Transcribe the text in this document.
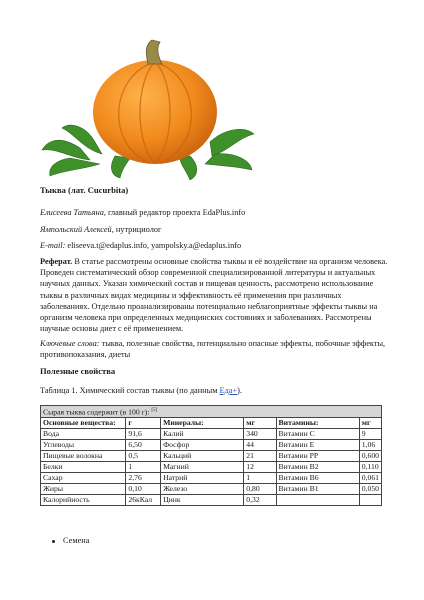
Тыква (лат. Cucurbita)
Елисеева Татьяна, главный редактор проекта EdaPlus.info
Ямпольский Алексей, нутрициолог
E-mail: eliseeva.t@edaplus.info, yampolsky.a@edaplus.info
Реферат. В статье рассмотрены основные свойства тыквы и её воздействие на организм человека. Проведен систематический обзор современной специализированной литературы и актуальных научных данных. Указан химический состав и пищевая ценность, рассмотрено использование тыквы в различных видах медицины и эффективность её применения при различных заболеваниях. Отдельно проанализированы потенциально неблагоприятные эффекты тыквы на организм человека при определенных медицинских состояниях и заболеваниях. Рассмотрены научные основы диет с её применением.
Ключевые слова: тыква, полезные свойства, потенциально опасные эффекты, побочные эффекты, противопоказания, диеты
Полезные свойства
Таблица 1. Химический состав тыквы (по данным Еда+).
Сырая тыква содержит (в 100 г): [5]
Основные вещества:	г	Минералы:	мг	Витамины:	мг
Вода	91,6	Калий	340	Витамин С	9
Углеводы	6,50	Фосфор	44	Витамин Е	1,06
Пищевые волокна	0,5	Кальций	21	Витамин РР	0,600
Белки	1	Магний	12	Витамин В2	0,110
Сахар	2,76	Натрий	1	Витамин В6	0,061
Жиры	0,10	Железо	0,80	Витамин В1	0,050
Калорийность	26кКал	Цинк	0,32		
Семена
